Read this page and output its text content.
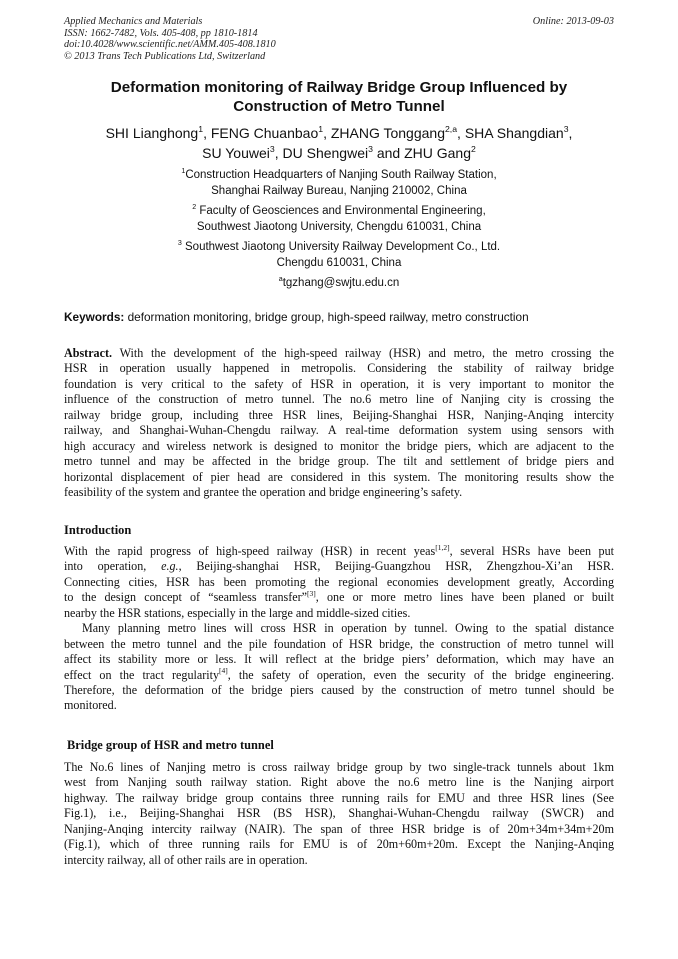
Applied Mechanics and Materials
ISSN: 1662-7482, Vols. 405-408, pp 1810-1814
doi:10.4028/www.scientific.net/AMM.405-408.1810
© 2013 Trans Tech Publications Ltd, Switzerland
Online: 2013-09-03
Deformation monitoring of Railway Bridge Group Influenced by
Construction of Metro Tunnel
SHI Lianghong$^1$, FENG Chuanbao$^1$, ZHANG Tonggang$^{2,a}$, SHA Shangdian$^3$,
SU Youwei$^3$, DU Shengwei$^3$ and ZHU Gang$^2$
$^1$Construction Headquarters of Nanjing South Railway Station,
Shanghai Railway Bureau, Nanjing 210002, China
$^2$ Faculty of Geosciences and Environmental Engineering,
Southwest Jiaotong University, Chengdu 610031, China
$^3$ Southwest Jiaotong University Railway Development Co., Ltd.
Chengdu 610031, China
$^a$tgzhang@swjtu.edu.cn
Keywords: deformation monitoring, bridge group, high-speed railway, metro construction
Abstract. With the development of the high-speed railway (HSR) and metro, the metro crossing the
HSR in operation usually happened in metropolis. Considering the stability of railway bridge
foundation is very critical to the safety of HSR in operation, it is very important to monitor the
influence of the construction of metro tunnel. The no.6 metro line of Nanjing city is crossing the
railway bridge group, including three HSR lines, Beijing-Shanghai HSR, Nanjing-Anqing intercity
railway, and Shanghai-Wuhan-Chengdu railway. A real-time deformation system using sensors with
high accuracy and wireless network is designed to monitor the bridge piers, which are adjacent to the
metro tunnel and may be affected in the bridge group. The tilt and settlement of bridge piers and
horizontal displacement of pier head are considered in this system. The monitoring results show the
feasibility of the system and grantee the operation and bridge engineering’s safety.
Introduction
With the rapid progress of high-speed railway (HSR) in recent yeas[1,2], several HSRs have been put
into operation, e.g., Beijing-shanghai HSR, Beijing-Guangzhou HSR, Zhengzhou-Xi’an HSR.
Connecting cities, HSR has been promoting the regional economies development greatly, According
to the design concept of “seamless transfer”[3], one or more metro lines have been planed or built
nearby the HSR stations, especially in the large and middle-sized cities.
Many planning metro lines will cross HSR in operation by tunnel. Owing to the spatial distance
between the metro tunnel and the pile foundation of HSR bridge, the construction of metro tunnel will
affect its stability more or less. It will reflect at the bridge piers’ deformation, which may have an
effect on the tract regularity[4], the safety of operation, even the security of the bridge engineering.
Therefore, the deformation of the bridge piers caused by the construction of metro tunnel should be
monitored.
Bridge group of HSR and metro tunnel
The No.6 lines of Nanjing metro is cross railway bridge group by two single-track tunnels about 1km
west from Nanjing south railway station. Right above the no.6 metro line is the Nanjing airport
highway. The railway bridge group contains three running rails for EMU and three HSR lines (See
Fig.1), i.e., Beijing-Shanghai HSR (BS HSR), Shanghai-Wuhan-Chengdu railway (SWCR) and
Nanjing-Anqing intercity railway (NAIR). The span of three HSR bridge is of 20m+34m+34m+20m
(Fig.1), which of three running rails for EMU is of 20m+60m+20m. Except the Nanjing-Anqing
intercity railway, all of other rails are in operation.
